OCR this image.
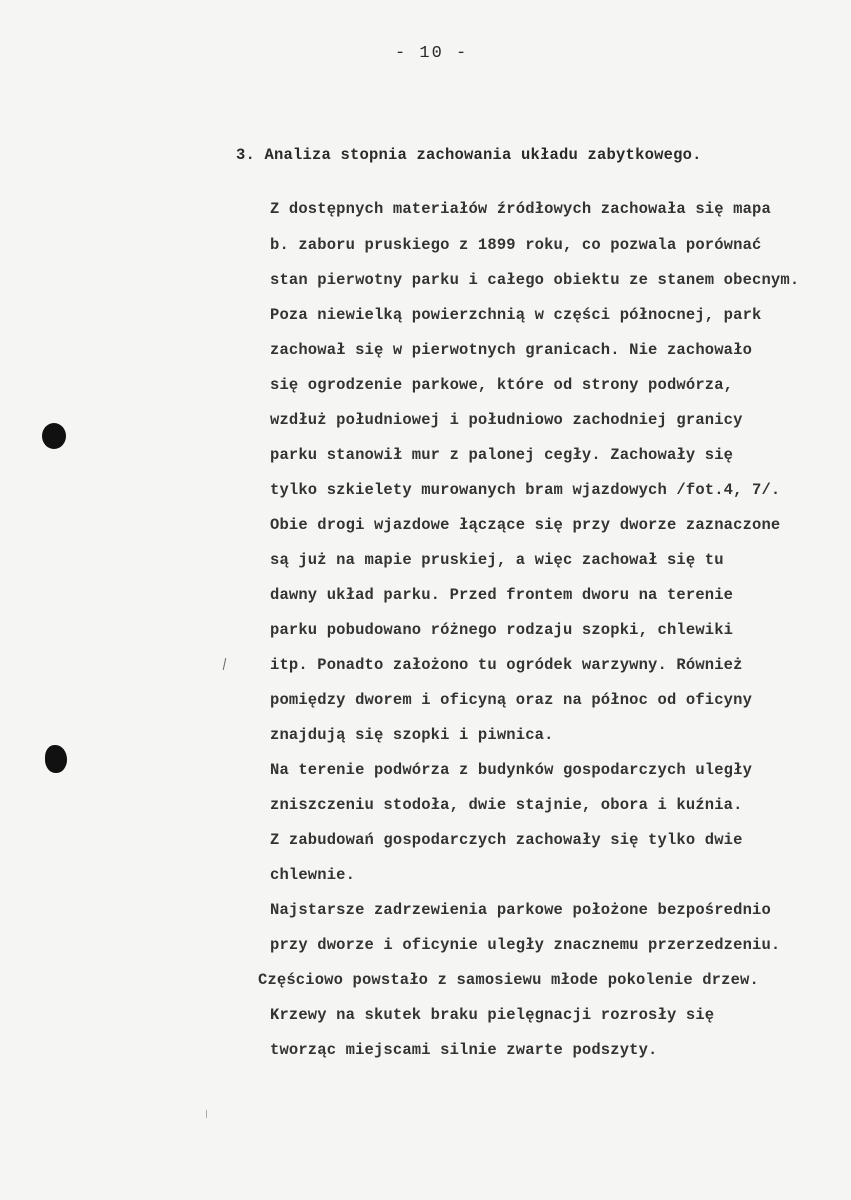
- 10 -
3. Analiza stopnia zachowania układu zabytkowego.
Z dostępnych materiałów źródłowych zachowała się mapa
b. zaboru pruskiego z 1899 roku, co pozwala porównać
stan pierwotny parku i całego obiektu ze stanem obecnym.
Poza niewielką powierzchnią w części północnej, park
zachował się w pierwotnych granicach. Nie zachowało
się ogrodzenie parkowe, które od strony podwórza,
wzdłuż południowej i południowo zachodniej granicy
parku stanowił mur z palonej cegły. Zachowały się
tylko szkielety murowanych bram wjazdowych /fot.4, 7/.
Obie drogi wjazdowe łączące się przy dworze zaznaczone
są już na mapie pruskiej, a więc zachował się tu
dawny układ parku. Przed frontem dworu na terenie
parku pobudowano różnego rodzaju szopki, chlewiki
itp. Ponadto założono tu ogródek warzywny. Również
pomiędzy dworem i oficyną oraz na północ od oficyny
znajdują się szopki i piwnica.
Na terenie podwórza z budynków gospodarczych uległy
zniszczeniu stodoła, dwie stajnie, obora i kuźnia.
Z zabudowań gospodarczych zachowały się tylko dwie
chlewnie.
Najstarsze zadrzewienia parkowe położone bezpośrednio
przy dworze i oficynie uległy znacznemu przerzedzeniu.
Częściowo powstało z samosiewu młode pokolenie drzew.
Krzewy na skutek braku pielęgnacji rozrosły się
tworząc miejscami silnie zwarte podszyty.
